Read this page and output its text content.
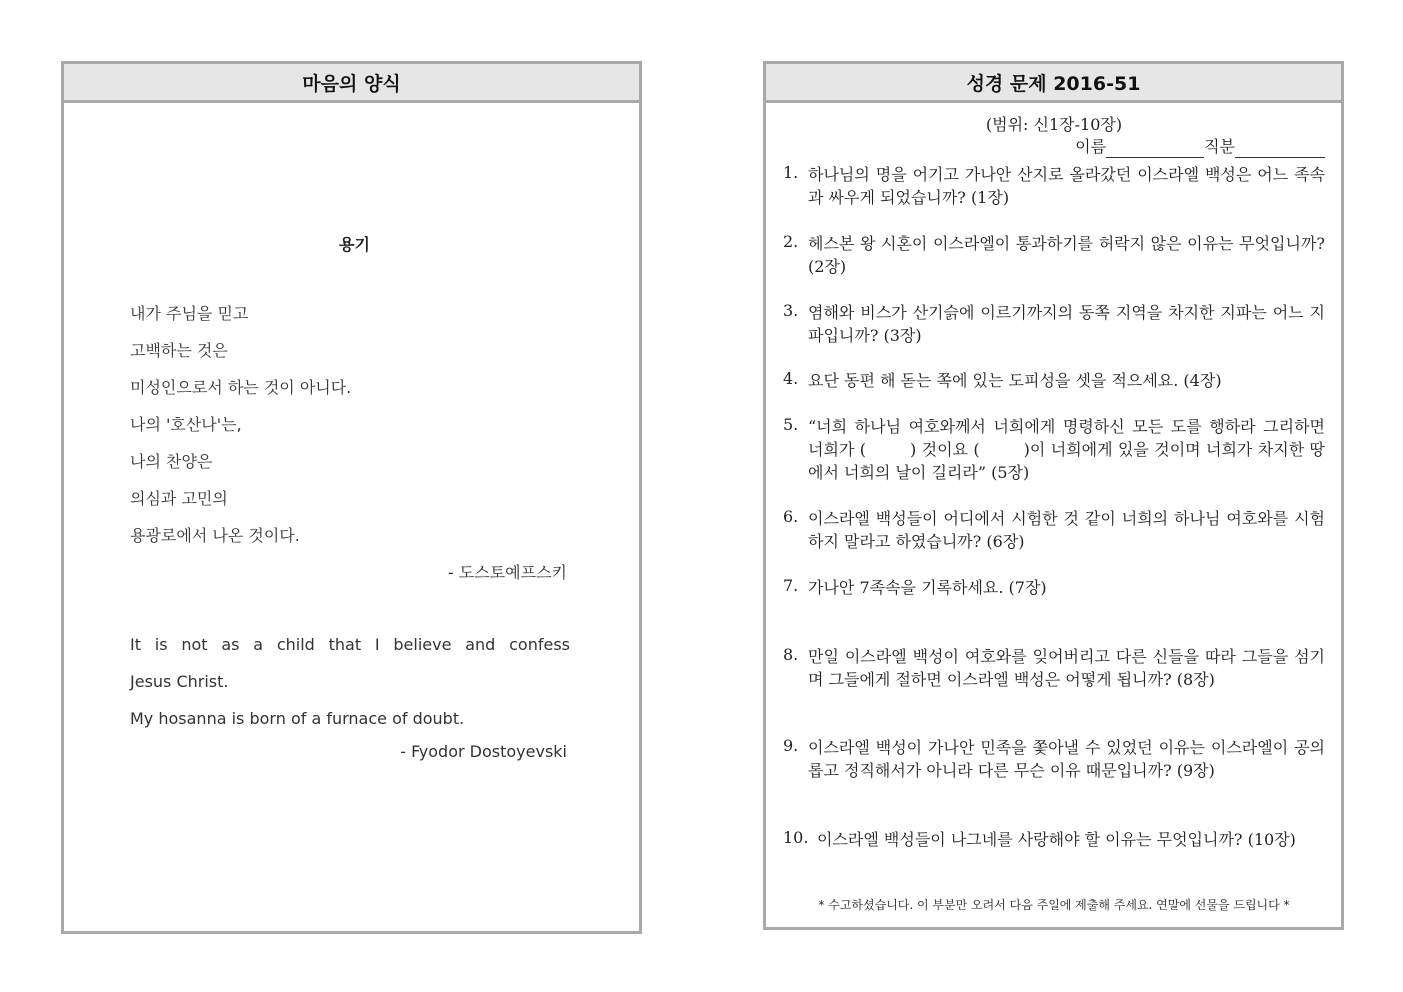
마음의 양식
용기
내가 주님을 믿고
고백하는 것은
미성인으로서 하는 것이 아니다.
나의 '호산나'는,
나의 찬양은
의심과 고민의
용광로에서 나온 것이다.
- 도스토예프스키
It is not as a child that I believe and confess
Jesus Christ.
My hosanna is born of a furnace of doubt.
- Fyodor Dostoyevski
성경 문제 2016-51
(범위: 신1장-10장)
이름	직분
1. 하나님의 명을 어기고 가나안 산지로 올라갔던 이스라엘 백성은 어느 족속과 싸우게 되었습니까? (1장)
2. 헤스본 왕 시혼이 이스라엘이 통과하기를 허락지 않은 이유는 무엇입니까? (2장)
3. 염해와 비스가 산기슭에 이르기까지의 동쪽 지역을 차지한 지파는 어느 지파입니까? (3장)
4. 요단 동편 해 돋는 쪽에 있는 도피성을 셋을 적으세요. (4장)
5. “너희 하나님 여호와께서 너희에게 명령하신 모든 도를 행하라 그리하면 너희가 (	) 것이요 (	)이 너희에게 있을 것이며 너희가 차지한 땅에서 너희의 날이 길리라” (5장)
6. 이스라엘 백성들이 어디에서 시험한 것 같이 너희의 하나님 여호와를 시험하지 말라고 하였습니까? (6장)
7. 가나안 7족속을 기록하세요. (7장)
8. 만일 이스라엘 백성이 여호와를 잊어버리고 다른 신들을 따라 그들을 섬기며 그들에게 절하면 이스라엘 백성은 어떻게 됩니까? (8장)
9. 이스라엘 백성이 가나안 민족을 쫓아낼 수 있었던 이유는 이스라엘이 공의롭고 정직해서가 아니라 다른 무슨 이유 때문입니까? (9장)
10. 이스라엘 백성들이 나그네를 사랑해야 할 이유는 무엇입니까? (10장)
* 수고하셨습니다. 이 부분만 오려서 다음 주일에 제출해 주세요. 연말에 선물을 드립니다 *
